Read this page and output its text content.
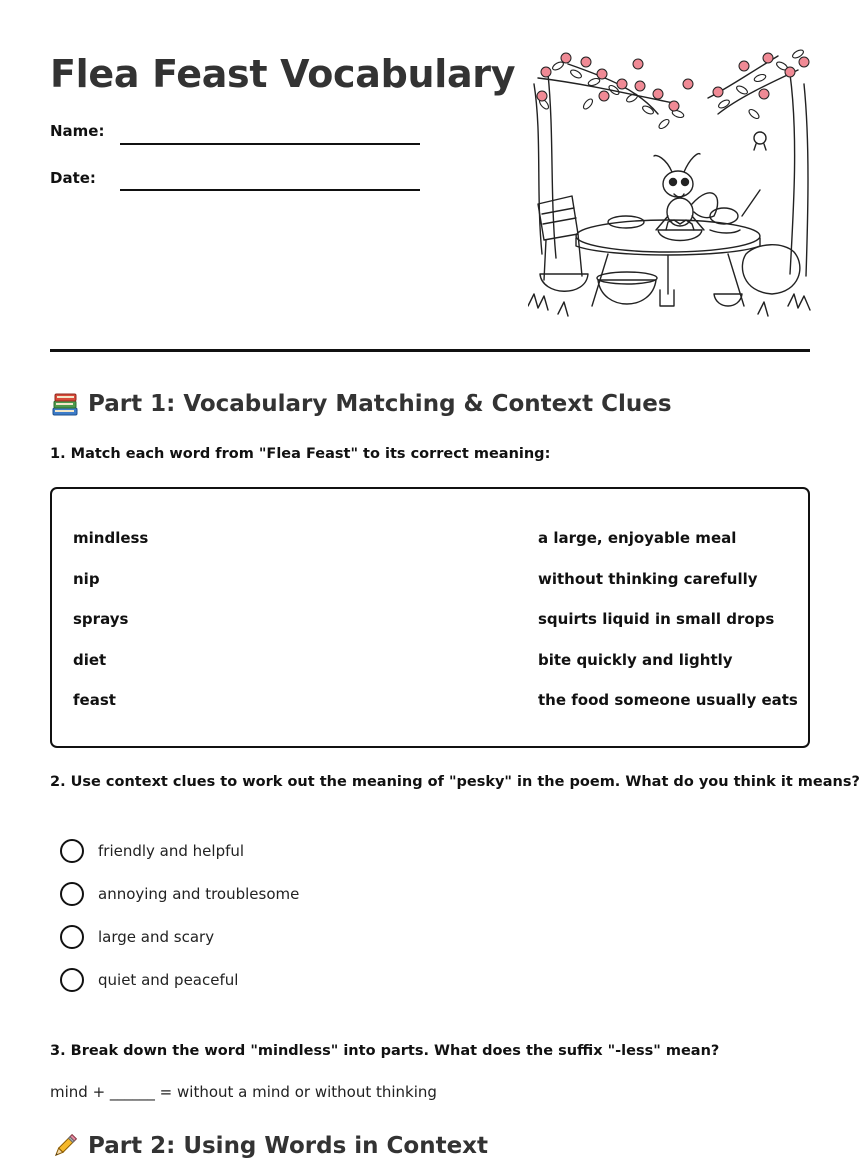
Flea Feast Vocabulary
Name:
Date:
Part 1: Vocabulary Matching & Context Clues
1. Match each word from "Flea Feast" to its correct meaning:
mindless
nip
sprays
diet
feast
a large, enjoyable meal
without thinking carefully
squirts liquid in small drops
bite quickly and lightly
the food someone usually eats
2. Use context clues to work out the meaning of "pesky" in the poem. What do you think it means?
friendly and helpful
annoying and troublesome
large and scary
quiet and peaceful
3. Break down the word "mindless" into parts. What does the suffix "-less" mean?
mind + ______ = without a mind or without thinking
Part 2: Using Words in Context
